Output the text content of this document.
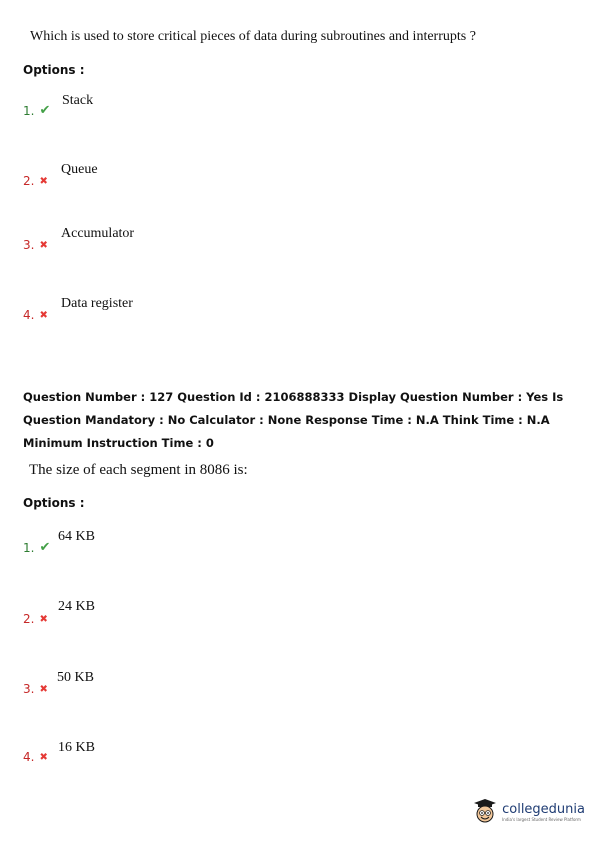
Which is used to store critical pieces of data during subroutines and interrupts ?
Options :
1. ✔
Stack
2. ✖
Queue
3. ✖
Accumulator
4. ✖
Data register
Question Number : 127 Question Id : 2106888333 Display Question Number : Yes Is Question Mandatory : No Calculator : None Response Time : N.A Think Time : N.A Minimum Instruction Time : 0
The size of each segment in 8086 is:
Options :
1. ✔
64 KB
2. ✖
24 KB
3. ✖
50 KB
4. ✖
16 KB
collegedunia
India's largest Student Review Platform
